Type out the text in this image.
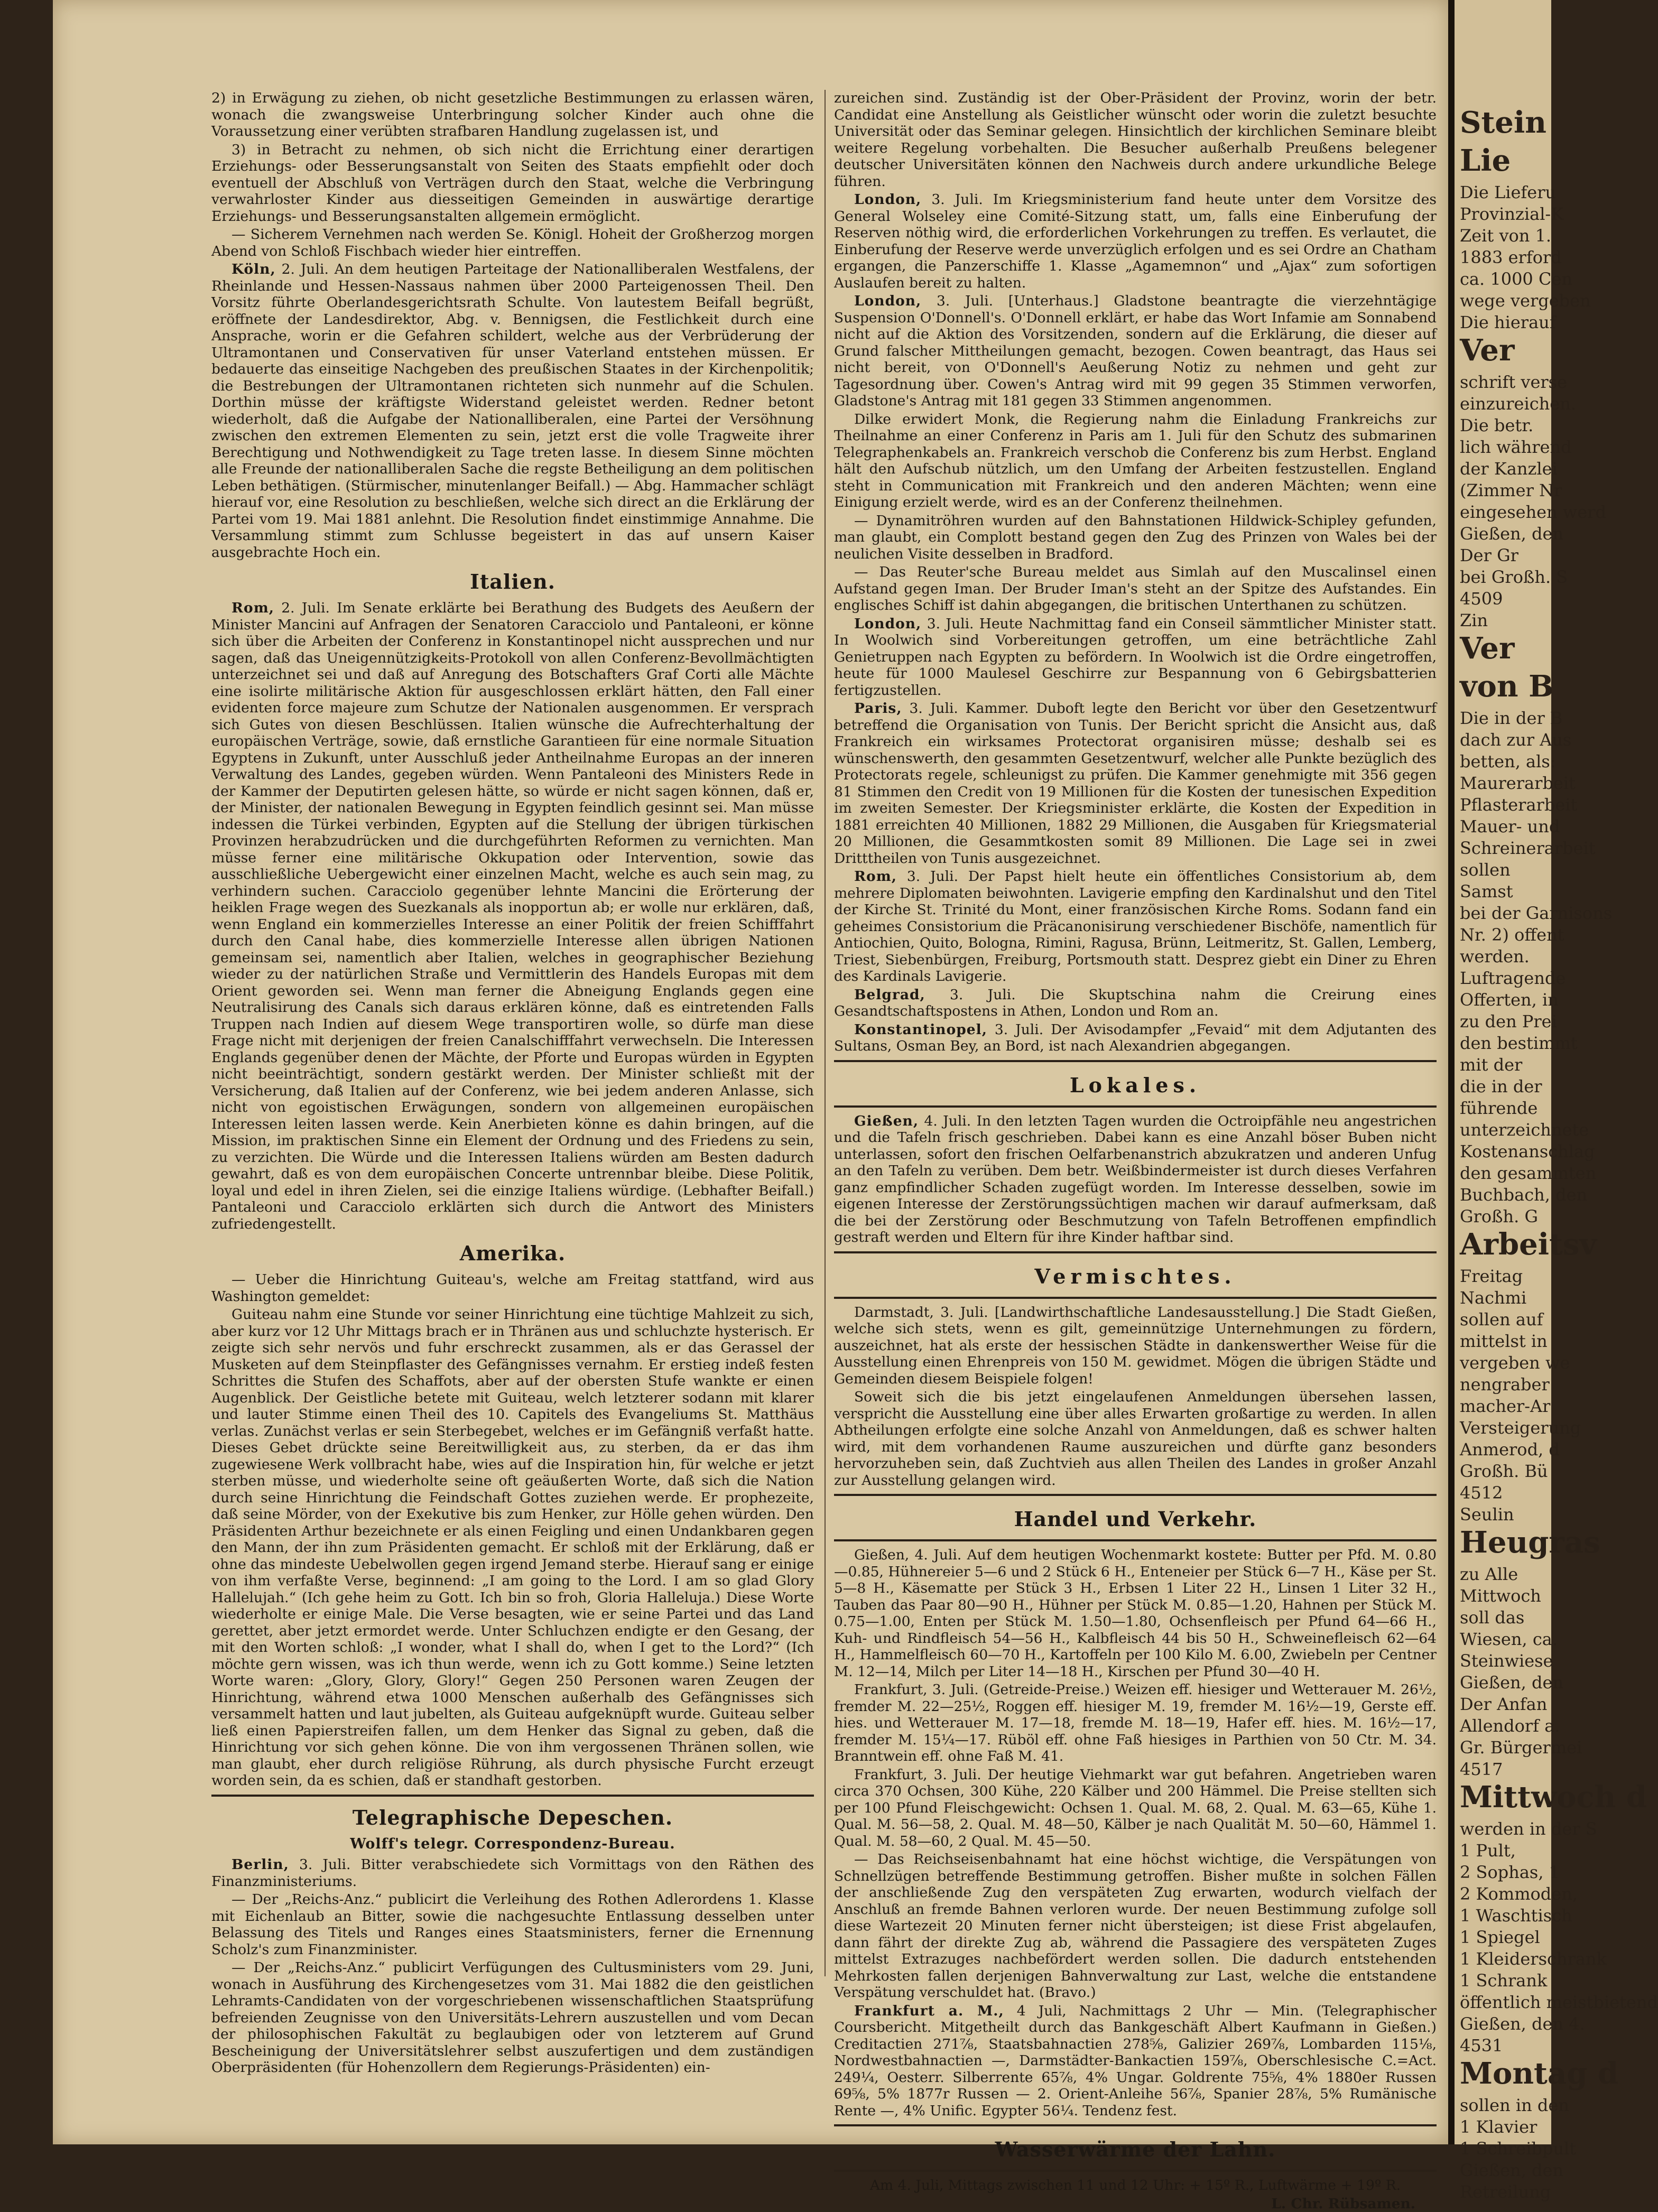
2) in Erwägung zu ziehen, ob nicht gesetzliche Bestimmungen zu erlassen wären, wonach die zwangsweise Unterbringung solcher Kinder auch ohne die Voraussetzung einer verübten strafbaren Handlung zugelassen ist, und

3) in Betracht zu nehmen, ob sich nicht die Errichtung einer derartigen Erziehungs- oder Besserungsanstalt von Seiten des Staats empfiehlt oder doch eventuell der Abschluß von Verträgen durch den Staat, welche die Verbringung verwahrloster Kinder aus diesseitigen Gemeinden in auswärtige derartige Erziehungs- und Besserungsanstalten allgemein ermöglicht.

— Sicherem Vernehmen nach werden Se. Königl. Hoheit der Großherzog morgen Abend von Schloß Fischbach wieder hier eintreffen.

Köln, 2. Juli. An dem heutigen Parteitage der Nationalliberalen Westfalens, der Rheinlande und Hessen-Nassaus nahmen über 2000 Parteigenossen Theil. Den Vorsitz führte Oberlandesgerichtsrath Schulte. Von lautestem Beifall begrüßt, eröffnete der Landesdirektor, Abg. v. Bennigsen, die Festlichkeit durch eine Ansprache, worin er die Gefahren schildert, welche aus der Verbrüderung der Ultramontanen und Conservativen für unser Vaterland entstehen müssen. Er bedauerte das einseitige Nachgeben des preußischen Staates in der Kirchenpolitik; die Bestrebungen der Ultramontanen richteten sich nunmehr auf die Schulen. Dorthin müsse der kräftigste Widerstand geleistet werden. Redner betont wiederholt, daß die Aufgabe der Nationalliberalen, eine Partei der Versöhnung zwischen den extremen Elementen zu sein, jetzt erst die volle Tragweite ihrer Berechtigung und Nothwendigkeit zu Tage treten lasse. In diesem Sinne möchten alle Freunde der nationalliberalen Sache die regste Betheiligung an dem politischen Leben bethätigen. (Stürmischer, minutenlanger Beifall.) — Abg. Hammacher schlägt hierauf vor, eine Resolution zu beschließen, welche sich direct an die Erklärung der Partei vom 19. Mai 1881 anlehnt. Die Resolution findet einstimmige Annahme. Die Versammlung stimmt zum Schlusse begeistert in das auf unsern Kaiser ausgebrachte Hoch ein.

Italien.

Rom, 2. Juli. Im Senate erklärte bei Berathung des Budgets des Aeußern der Minister Mancini auf Anfragen der Senatoren Caracciolo und Pantaleoni, er könne sich über die Arbeiten der Conferenz in Konstantinopel nicht aussprechen und nur sagen, daß das Uneigennützigkeits-Protokoll von allen Conferenz-Bevollmächtigten unterzeichnet sei und daß auf Anregung des Botschafters Graf Corti alle Mächte eine isolirte militärische Aktion für ausgeschlossen erklärt hätten, den Fall einer evidenten force majeure zum Schutze der Nationalen ausgenommen. Er versprach sich Gutes von diesen Beschlüssen. Italien wünsche die Aufrechterhaltung der europäischen Verträge, sowie, daß ernstliche Garantieen für eine normale Situation Egyptens in Zukunft, unter Ausschluß jeder Antheilnahme Europas an der inneren Verwaltung des Landes, gegeben würden. Wenn Pantaleoni des Ministers Rede in der Kammer der Deputirten gelesen hätte, so würde er nicht sagen können, daß er, der Minister, der nationalen Bewegung in Egypten feindlich gesinnt sei. Man müsse indessen die Türkei verbinden, Egypten auf die Stellung der übrigen türkischen Provinzen herabzudrücken und die durchgeführten Reformen zu vernichten. Man müsse ferner eine militärische Okkupation oder Intervention, sowie das ausschließliche Uebergewicht einer einzelnen Macht, welche es auch sein mag, zu verhindern suchen. Caracciolo gegenüber lehnte Mancini die Erörterung der heiklen Frage wegen des Suezkanals als inopportun ab; er wolle nur erklären, daß, wenn England ein kommerzielles Interesse an einer Politik der freien Schifffahrt durch den Canal habe, dies kommerzielle Interesse allen übrigen Nationen gemeinsam sei, namentlich aber Italien, welches in geographischer Beziehung wieder zu der natürlichen Straße und Vermittlerin des Handels Europas mit dem Orient geworden sei. Wenn man ferner die Abneigung Englands gegen eine Neutralisirung des Canals sich daraus erklären könne, daß es eintretenden Falls Truppen nach Indien auf diesem Wege transportiren wolle, so dürfe man diese Frage nicht mit derjenigen der freien Canalschifffahrt verwechseln. Die Interessen Englands gegenüber denen der Mächte, der Pforte und Europas würden in Egypten nicht beeinträchtigt, sondern gestärkt werden. Der Minister schließt mit der Versicherung, daß Italien auf der Conferenz, wie bei jedem anderen Anlasse, sich nicht von egoistischen Erwägungen, sondern von allgemeinen europäischen Interessen leiten lassen werde. Kein Anerbieten könne es dahin bringen, auf die Mission, im praktischen Sinne ein Element der Ordnung und des Friedens zu sein, zu verzichten. Die Würde und die Interessen Italiens würden am Besten dadurch gewahrt, daß es von dem europäischen Concerte untrennbar bleibe. Diese Politik, loyal und edel in ihren Zielen, sei die einzige Italiens würdige. (Lebhafter Beifall.) Pantaleoni und Caracciolo erklärten sich durch die Antwort des Ministers zufriedengestellt.

Amerika.

— Ueber die Hinrichtung Guiteau's, welche am Freitag stattfand, wird aus Washington gemeldet:

Guiteau nahm eine Stunde vor seiner Hinrichtung eine tüchtige Mahlzeit zu sich, aber kurz vor 12 Uhr Mittags brach er in Thränen aus und schluchzte hysterisch. Er zeigte sich sehr nervös und fuhr erschreckt zusammen, als er das Gerassel der Musketen auf dem Steinpflaster des Gefängnisses vernahm. Er erstieg indeß festen Schrittes die Stufen des Schaffots, aber auf der obersten Stufe wankte er einen Augenblick. Der Geistliche betete mit Guiteau, welch letzterer sodann mit klarer und lauter Stimme einen Theil des 10. Capitels des Evangeliums St. Matthäus verlas. Zunächst verlas er sein Sterbegebet, welches er im Gefängniß verfaßt hatte. Dieses Gebet drückte seine Bereitwilligkeit aus, zu sterben, da er das ihm zugewiesene Werk vollbracht habe, wies auf die Inspiration hin, für welche er jetzt sterben müsse, und wiederholte seine oft geäußerten Worte, daß sich die Nation durch seine Hinrichtung die Feindschaft Gottes zuziehen werde. Er prophezeite, daß seine Mörder, von der Exekutive bis zum Henker, zur Hölle gehen würden. Den Präsidenten Arthur bezeichnete er als einen Feigling und einen Undankbaren gegen den Mann, der ihn zum Präsidenten gemacht. Er schloß mit der Erklärung, daß er ohne das mindeste Uebelwollen gegen irgend Jemand sterbe. Hierauf sang er einige von ihm verfaßte Verse, beginnend: „I am going to the Lord. I am so glad Glory Hallelujah.“ (Ich gehe heim zu Gott. Ich bin so froh, Gloria Halleluja.) Diese Worte wiederholte er einige Male. Die Verse besagten, wie er seine Partei und das Land gerettet, aber jetzt ermordet werde. Unter Schluchzen endigte er den Gesang, der mit den Worten schloß: „I wonder, what I shall do, when I get to the Lord?“ (Ich möchte gern wissen, was ich thun werde, wenn ich zu Gott komme.) Seine letzten Worte waren: „Glory, Glory, Glory!“ Gegen 250 Personen waren Zeugen der Hinrichtung, während etwa 1000 Menschen außerhalb des Gefängnisses sich versammelt hatten und laut jubelten, als Guiteau aufgeknüpft wurde. Guiteau selber ließ einen Papierstreifen fallen, um dem Henker das Signal zu geben, daß die Hinrichtung vor sich gehen könne. Die von ihm vergossenen Thränen sollen, wie man glaubt, eher durch religiöse Rührung, als durch physische Furcht erzeugt worden sein, da es schien, daß er standhaft gestorben.

Telegraphische Depeschen.
Wolff's telegr. Correspondenz-Bureau.

Berlin, 3. Juli. Bitter verabschiedete sich Vormittags von den Räthen des Finanzministeriums.

— Der „Reichs-Anz.“ publicirt die Verleihung des Rothen Adlerordens 1. Klasse mit Eichenlaub an Bitter, sowie die nachgesuchte Entlassung desselben unter Belassung des Titels und Ranges eines Staatsministers, ferner die Ernennung Scholz's zum Finanzminister.

— Der „Reichs-Anz.“ publicirt Verfügungen des Cultusministers vom 29. Juni, wonach in Ausführung des Kirchengesetzes vom 31. Mai 1882 die den geistlichen Lehramts-Candidaten von der vorgeschriebenen wissenschaftlichen Staatsprüfung befreienden Zeugnisse von den Universitäts-Lehrern auszustellen und vom Decan der philosophischen Fakultät zu beglaubigen oder von letzterem auf Grund Bescheinigung der Universitätslehrer selbst auszufertigen und dem zuständigen Oberpräsidenten (für Hohenzollern dem Regierungs-Präsidenten) ein-

zureichen sind. Zuständig ist der Ober-Präsident der Provinz, worin der betr. Candidat eine Anstellung als Geistlicher wünscht oder worin die zuletzt besuchte Universität oder das Seminar gelegen. Hinsichtlich der kirchlichen Seminare bleibt weitere Regelung vorbehalten. Die Besucher außerhalb Preußens belegener deutscher Universitäten können den Nachweis durch andere urkundliche Belege führen.

London, 3. Juli. Im Kriegsministerium fand heute unter dem Vorsitze des General Wolseley eine Comité-Sitzung statt, um, falls eine Einberufung der Reserven nöthig wird, die erforderlichen Vorkehrungen zu treffen. Es verlautet, die Einberufung der Reserve werde unverzüglich erfolgen und es sei Ordre an Chatham ergangen, die Panzerschiffe 1. Klasse „Agamemnon“ und „Ajax“ zum sofortigen Auslaufen bereit zu halten.

London, 3. Juli. [Unterhaus.] Gladstone beantragte die vierzehntägige Suspension O'Donnell's. O'Donnell erklärt, er habe das Wort Infamie am Sonnabend nicht auf die Aktion des Vorsitzenden, sondern auf die Erklärung, die dieser auf Grund falscher Mittheilungen gemacht, bezogen. Cowen beantragt, das Haus sei nicht bereit, von O'Donnell's Aeußerung Notiz zu nehmen und geht zur Tagesordnung über. Cowen's Antrag wird mit 99 gegen 35 Stimmen verworfen, Gladstone's Antrag mit 181 gegen 33 Stimmen angenommen.

Dilke erwidert Monk, die Regierung nahm die Einladung Frankreichs zur Theilnahme an einer Conferenz in Paris am 1. Juli für den Schutz des submarinen Telegraphenkabels an. Frankreich verschob die Conferenz bis zum Herbst. England hält den Aufschub nützlich, um den Umfang der Arbeiten festzustellen. England steht in Communication mit Frankreich und den anderen Mächten; wenn eine Einigung erzielt werde, wird es an der Conferenz theilnehmen.

— Dynamitröhren wurden auf den Bahnstationen Hildwick-Schipley gefunden, man glaubt, ein Complott bestand gegen den Zug des Prinzen von Wales bei der neulichen Visite desselben in Bradford.

— Das Reuter'sche Bureau meldet aus Simlah auf den Muscalinsel einen Aufstand gegen Iman. Der Bruder Iman's steht an der Spitze des Aufstandes. Ein englisches Schiff ist dahin abgegangen, die britischen Unterthanen zu schützen.

London, 3. Juli. Heute Nachmittag fand ein Conseil sämmtlicher Minister statt. In Woolwich sind Vorbereitungen getroffen, um eine beträchtliche Zahl Genietruppen nach Egypten zu befördern. In Woolwich ist die Ordre eingetroffen, heute für 1000 Maulesel Geschirre zur Bespannung von 6 Gebirgsbatterien fertigzustellen.

Paris, 3. Juli. Kammer. Duboft legte den Bericht vor über den Gesetzentwurf betreffend die Organisation von Tunis. Der Bericht spricht die Ansicht aus, daß Frankreich ein wirksames Protectorat organisiren müsse; deshalb sei es wünschenswerth, den gesammten Gesetzentwurf, welcher alle Punkte bezüglich des Protectorats regele, schleunigst zu prüfen. Die Kammer genehmigte mit 356 gegen 81 Stimmen den Credit von 19 Millionen für die Kosten der tunesischen Expedition im zweiten Semester. Der Kriegsminister erklärte, die Kosten der Expedition in 1881 erreichten 40 Millionen, 1882 29 Millionen, die Ausgaben für Kriegsmaterial 20 Millionen, die Gesammtkosten somit 89 Millionen. Die Lage sei in zwei Dritttheilen von Tunis ausgezeichnet.

Rom, 3. Juli. Der Papst hielt heute ein öffentliches Consistorium ab, dem mehrere Diplomaten beiwohnten. Lavigerie empfing den Kardinalshut und den Titel der Kirche St. Trinité du Mont, einer französischen Kirche Roms. Sodann fand ein geheimes Consistorium die Präcanonisirung verschiedener Bischöfe, namentlich für Antiochien, Quito, Bologna, Rimini, Ragusa, Brünn, Leitmeritz, St. Gallen, Lemberg, Triest, Siebenbürgen, Freiburg, Portsmouth statt. Desprez giebt ein Diner zu Ehren des Kardinals Lavigerie.

Belgrad, 3. Juli. Die Skuptschina nahm die Creirung eines Gesandtschaftspostens in Athen, London und Rom an.

Konstantinopel, 3. Juli. Der Avisodampfer „Fevaid“ mit dem Adjutanten des Sultans, Osman Bey, an Bord, ist nach Alexandrien abgegangen.

Lokales.

Gießen, 4. Juli. In den letzten Tagen wurden die Octroipfähle neu angestrichen und die Tafeln frisch geschrieben. Dabei kann es eine Anzahl böser Buben nicht unterlassen, sofort den frischen Oelfarbenanstrich abzukratzen und anderen Unfug an den Tafeln zu verüben. Dem betr. Weißbindermeister ist durch dieses Verfahren ganz empfindlicher Schaden zugefügt worden. Im Interesse desselben, sowie im eigenen Interesse der Zerstörungssüchtigen machen wir darauf aufmerksam, daß die bei der Zerstörung oder Beschmutzung von Tafeln Betroffenen empfindlich gestraft werden und Eltern für ihre Kinder haftbar sind.

Vermischtes.

Darmstadt, 3. Juli. [Landwirthschaftliche Landesausstellung.] Die Stadt Gießen, welche sich stets, wenn es gilt, gemeinnützige Unternehmungen zu fördern, auszeichnet, hat als erste der hessischen Städte in dankenswerther Weise für die Ausstellung einen Ehrenpreis von 150 M. gewidmet. Mögen die übrigen Städte und Gemeinden diesem Beispiele folgen!

Soweit sich die bis jetzt eingelaufenen Anmeldungen übersehen lassen, verspricht die Ausstellung eine über alles Erwarten großartige zu werden. In allen Abtheilungen erfolgte eine solche Anzahl von Anmeldungen, daß es schwer halten wird, mit dem vorhandenen Raume auszureichen und dürfte ganz besonders hervorzuheben sein, daß Zuchtvieh aus allen Theilen des Landes in großer Anzahl zur Ausstellung gelangen wird.

Handel und Verkehr.

Gießen, 4. Juli. Auf dem heutigen Wochenmarkt kostete: Butter per Pfd. M. 0.80—0.85, Hühnereier 5—6 und 2 Stück 6 H., Enteneier per Stück 6—7 H., Käse per St. 5—8 H., Käsematte per Stück 3 H., Erbsen 1 Liter 22 H., Linsen 1 Liter 32 H., Tauben das Paar 80—90 H., Hühner per Stück M. 0.85—1.20, Hahnen per Stück M. 0.75—1.00, Enten per Stück M. 1.50—1.80, Ochsenfleisch per Pfund 64—66 H., Kuh- und Rindfleisch 54—56 H., Kalbfleisch 44 bis 50 H., Schweinefleisch 62—64 H., Hammelfleisch 60—70 H., Kartoffeln per 100 Kilo M. 6.00, Zwiebeln per Centner M. 12—14, Milch per Liter 14—18 H., Kirschen per Pfund 30—40 H.

Frankfurt, 3. Juli. (Getreide-Preise.) Weizen eff. hiesiger und Wetterauer M. 26½, fremder M. 22—25½, Roggen eff. hiesiger M. 19, fremder M. 16½—19, Gerste eff. hies. und Wetterauer M. 17—18, fremde M. 18—19, Hafer eff. hies. M. 16½—17, fremder M. 15¼—17. Rüböl eff. ohne Faß hiesiges in Parthien von 50 Ctr. M. 34. Branntwein eff. ohne Faß M. 41.

Frankfurt, 3. Juli. Der heutige Viehmarkt war gut befahren. Angetrieben waren circa 370 Ochsen, 300 Kühe, 220 Kälber und 200 Hämmel. Die Preise stellten sich per 100 Pfund Fleischgewicht: Ochsen 1. Qual. M. 68, 2. Qual. M. 63—65, Kühe 1. Qual. M. 56—58, 2. Qual. M. 48—50, Kälber je nach Qualität M. 50—60, Hämmel 1. Qual. M. 58—60, 2 Qual. M. 45—50.

— Das Reichseisenbahnamt hat eine höchst wichtige, die Verspätungen von Schnellzügen betreffende Bestimmung getroffen. Bisher mußte in solchen Fällen der anschließende Zug den verspäteten Zug erwarten, wodurch vielfach der Anschluß an fremde Bahnen verloren wurde. Der neuen Bestimmung zufolge soll diese Wartezeit 20 Minuten ferner nicht übersteigen; ist diese Frist abgelaufen, dann fährt der direkte Zug ab, während die Passagiere des verspäteten Zuges mittelst Extrazuges nachbefördert werden sollen. Die dadurch entstehenden Mehrkosten fallen derjenigen Bahnverwaltung zur Last, welche die entstandene Verspätung verschuldet hat. (Bravo.)

Frankfurt a. M., 4 Juli, Nachmittags 2 Uhr — Min. (Telegraphischer Coursbericht. Mitgetheilt durch das Bankgeschäft Albert Kaufmann in Gießen.) Creditactien 271⅞, Staatsbahnactien 278⅝, Galizier 269⅞, Lombarden 115⅛, Nordwestbahnactien —, Darmstädter-Bankactien 159⅞, Oberschlesische C.=Act. 249¼, Oesterr. Silberrente 65⅞, 4% Ungar. Goldrente 75⅝, 4% 1880er Russen 69⅝, 5% 1877r Russen — 2. Orient-Anleihe 56⅞, Spanier 28⅞, 5% Rumänische Rente —, 4% Unific. Egypter 56¼. Tendenz fest.

Wasserwärme der Lahn.

Am 4. Juli, Mittags zwischen 11 und 12 Uhr: + 15º R., Luftwärme + 19º R.

L. Chr. Rübsamen.
Stein
Lie
Die Lieferu
Provinzial-K
Zeit von 1.
1883 erford
ca. 1000 Cen
wege vergeben
Die hierauf
Ver
schrift verse
einzureichen.
Die betr.
lich während
der Kanzlei
(Zimmer Nr
eingesehen werd
Gießen, den
Der Gr
bei Großh. S
4509
Zin
Ver
von B
Die in der B
dach zur Aus
betten, als:
Maurerarbeit
Pflasterarbeit
Mauer- und
Schreinerarbeit
sollen
Samst
bei der Garnisons
Nr. 2) offent
werden.
Luftragende
Offerten, in
zu den Prei
den bestimmt
mit der
die in der
führende
unterzeichnete
Kostenanschlag
den gesammten
Buchbach, den
Großh. G
Arbeitsv
Freitag
Nachmi
sollen auf
mittelst in
vergeben we
nengraber
macher-Ar
Versteigerung
Anmerod, d
Großh. Bü
4512
Seulin
Heugras
zu Alle
Mittwoch
soll das
Wiesen, ca.
Steinwiese
Gießen, den
Der Anfan
Allendorf a.
Gr. Bürgermei
4517
Mittwoch d
werden in der S
1 Pult,
2 Sophas, 1
2 Kommoden,
1 Waschtisch
1 Spiegel
1 Kleiderschrank
1 Schrank
öffentlich meistbietend
Gießen, den 4.
4531
Montag d
sollen in den
1 Klavier
1 Schreibpult
Gießen, den
Retreilung
